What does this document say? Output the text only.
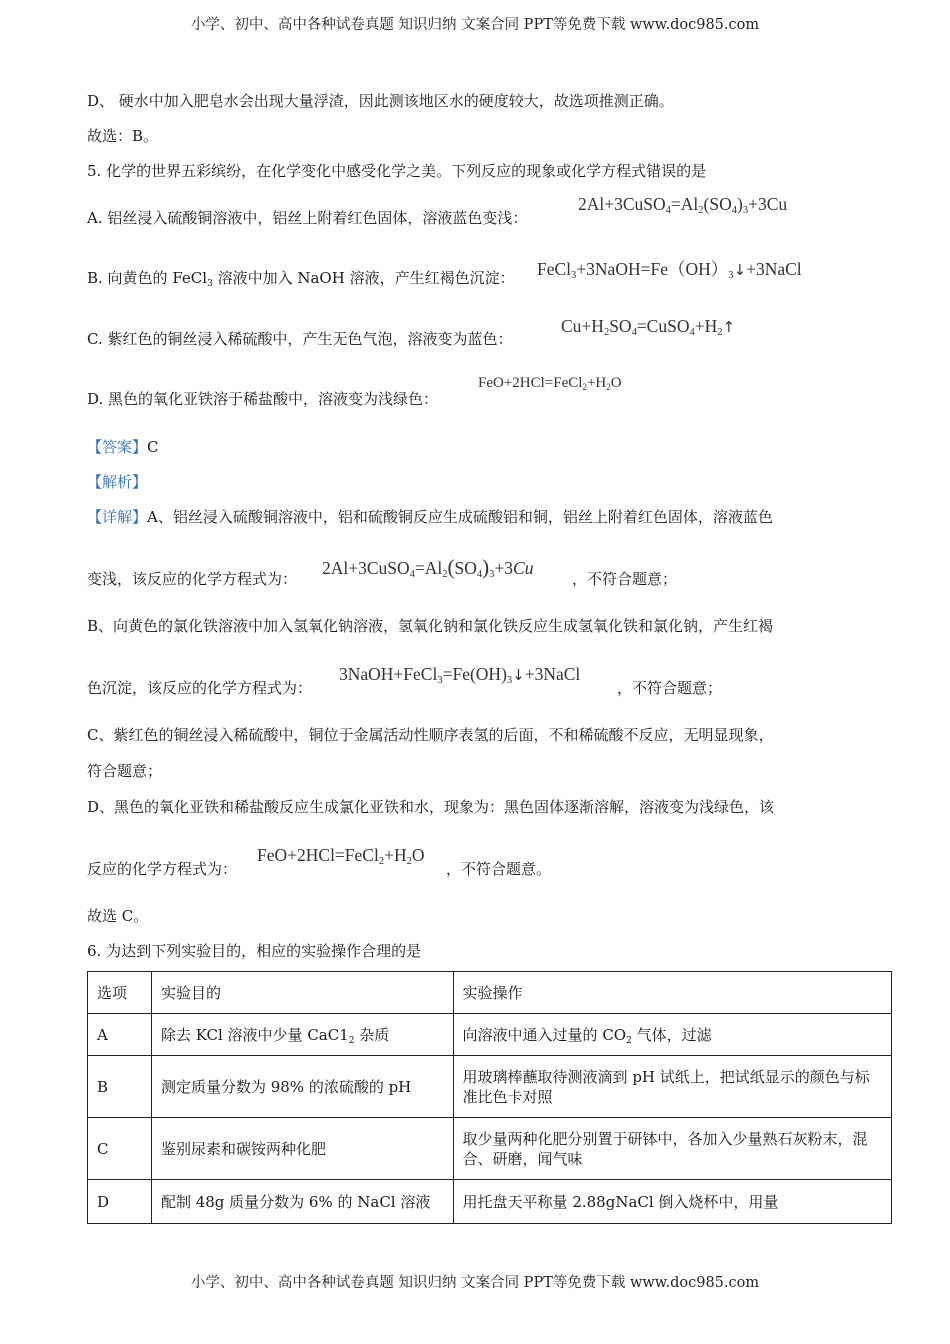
小学、初中、高中各种试卷真题 知识归纳 文案合同 PPT等免费下载 www.doc985.com
D、 硬水中加入肥皂水会出现大量浮渣，因此测该地区水的硬度较大，故选项推测正确。
故选：B。
5. 化学的世界五彩缤纷，在化学变化中感受化学之美。下列反应的现象或化学方程式错误的是
A. 铝丝浸入硫酸铜溶液中，铝丝上附着红色固体，溶液蓝色变浅：
$2Al+3CuSO_4=Al_2(SO_4)_3+3Cu$
B. 向黄色的 FeCl$_3$ 溶液中加入 NaOH 溶液，产生红褐色沉淀： $FeCl_3+3NaOH=Fe(OH)_3↓+3NaCl$
C. 紫红色的铜丝浸入稀硫酸中，产生无色气泡，溶液变为蓝色：
$Cu+H_2SO_4=CuSO_4+H_2↑$
D. 黑色的氧化亚铁溶于稀盐酸中，溶液变为浅绿色：
$FeO+2HCl=FeCl_2+H_2O$
【答案】C
【解析】
【详解】A、铝丝浸入硫酸铜溶液中，铝和硫酸铜反应生成硫酸铝和铜，铝丝上附着红色固体，溶液蓝色
变浅，该反应的化学方程式为：
$2Al+3CuSO_4=Al_2(SO_4)_3+3Cu$
，不符合题意；
B、向黄色的氯化铁溶液中加入氢氧化钠溶液，氢氧化钠和氯化铁反应生成氢氧化铁和氯化钠，产生红褐
色沉淀，该反应的化学方程式为：
$3NaOH+FeCl_3=Fe(OH)_3↓+3NaCl$
，不符合题意；
C、紫红色的铜丝浸入稀硫酸中，铜位于金属活动性顺序表氢的后面，不和稀硫酸不反应，无明显现象，
符合题意；
D、黑色的氧化亚铁和稀盐酸反应生成氯化亚铁和水，现象为：黑色固体逐渐溶解，溶液变为浅绿色，该
反应的化学方程式为：
$FeO+2HCl=FeCl_2+H_2O$
，不符合题意。
故选 C。
6. 为达到下列实验目的，相应的实验操作合理的是
选项	实验目的	实验操作
A	除去 KCl 溶液中少量 $CaC1_2$ 杂质	向溶液中通入过量的 $CO_2$ 气体，过滤
B	测定质量分数为 98% 的浓硫酸的 pH	用玻璃棒蘸取待测液滴到 pH 试纸上，把试纸显示的颜色与标准比色卡对照
C	鉴别尿素和碳铵两种化肥	取少量两种化肥分别置于研钵中，各加入少量熟石灰粉末，混合、研磨，闻气味
D	配制 48g 质量分数为 6% 的 NaCl 溶液	用托盘天平称量 2.88gNaCl 倒入烧杯中，用量
小学、初中、高中各种试卷真题 知识归纳 文案合同 PPT等免费下载 www.doc985.com
